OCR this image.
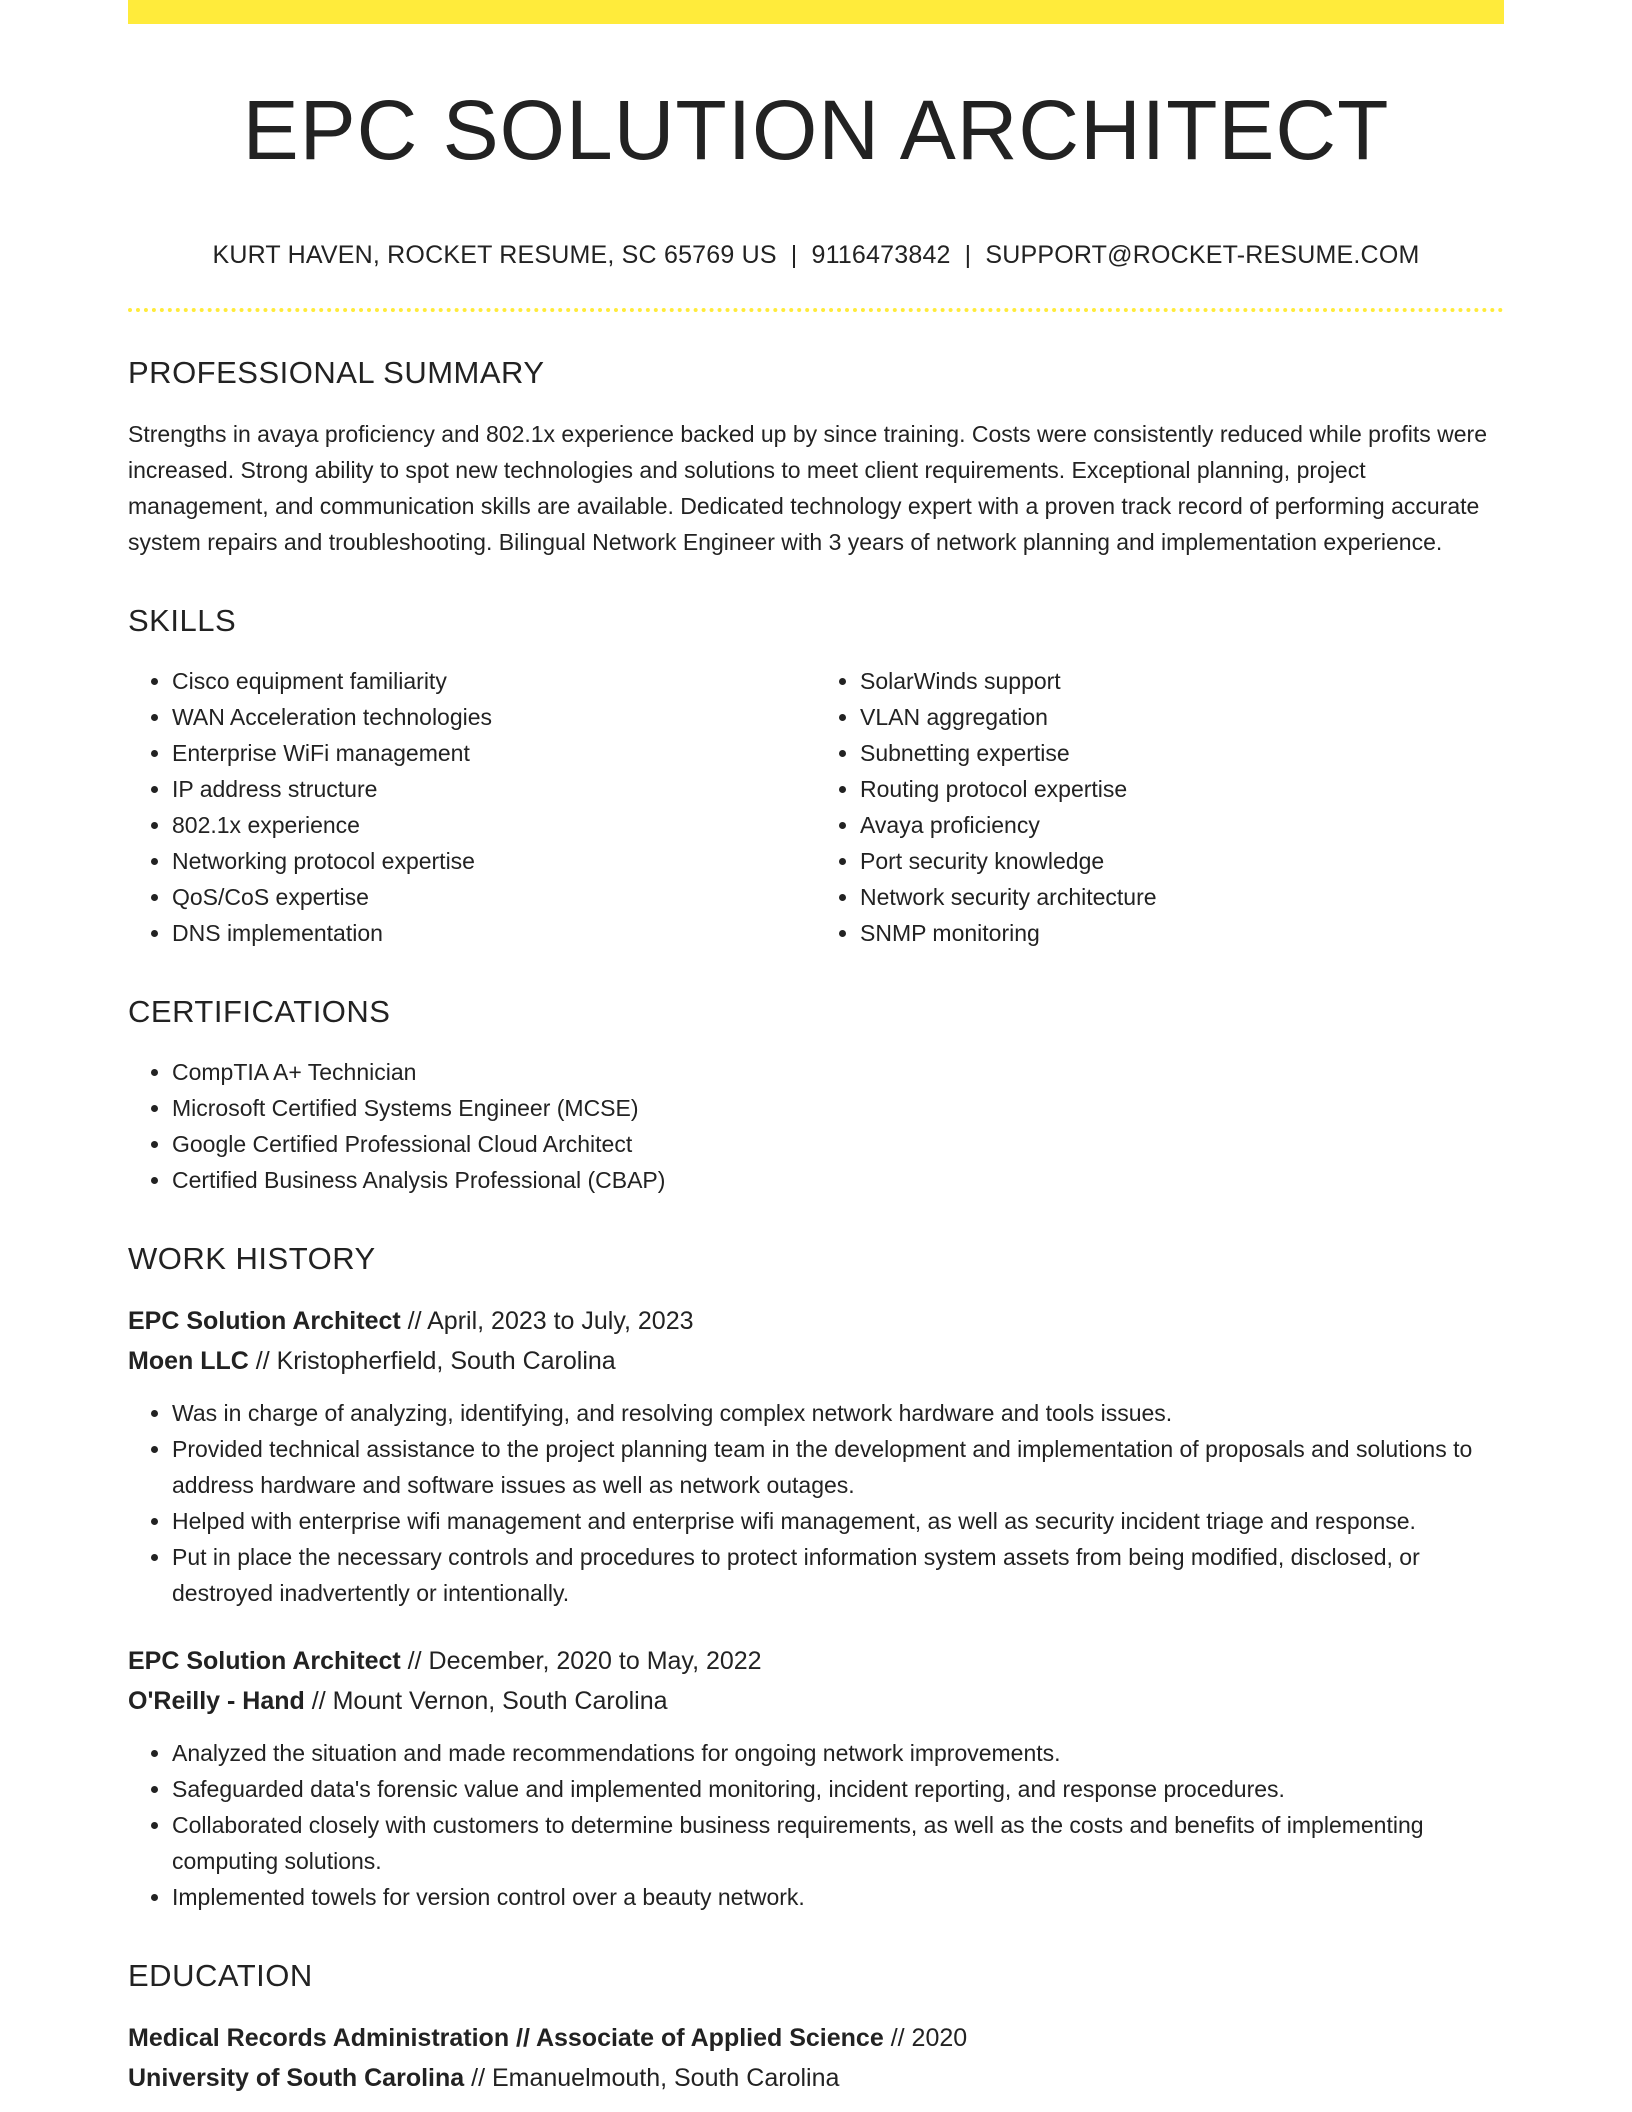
EPC SOLUTION ARCHITECT
KURT HAVEN, ROCKET RESUME, SC 65769 US | 9116473842 | SUPPORT@ROCKET-RESUME.COM
PROFESSIONAL SUMMARY
Strengths in avaya proficiency and 802.1x experience backed up by since training. Costs were consistently reduced while profits were increased. Strong ability to spot new technologies and solutions to meet client requirements. Exceptional planning, project management, and communication skills are available. Dedicated technology expert with a proven track record of performing accurate system repairs and troubleshooting. Bilingual Network Engineer with 3 years of network planning and implementation experience.
SKILLS
• Cisco equipment familiarity
• WAN Acceleration technologies
• Enterprise WiFi management
• IP address structure
• 802.1x experience
• Networking protocol expertise
• QoS/CoS expertise
• DNS implementation
• SolarWinds support
• VLAN aggregation
• Subnetting expertise
• Routing protocol expertise
• Avaya proficiency
• Port security knowledge
• Network security architecture
• SNMP monitoring
CERTIFICATIONS
• CompTIA A+ Technician
• Microsoft Certified Systems Engineer (MCSE)
• Google Certified Professional Cloud Architect
• Certified Business Analysis Professional (CBAP)
WORK HISTORY
EPC Solution Architect // April, 2023 to July, 2023
Moen LLC // Kristopherfield, South Carolina
• Was in charge of analyzing, identifying, and resolving complex network hardware and tools issues.
• Provided technical assistance to the project planning team in the development and implementation of proposals and solutions to address hardware and software issues as well as network outages.
• Helped with enterprise wifi management and enterprise wifi management, as well as security incident triage and response.
• Put in place the necessary controls and procedures to protect information system assets from being modified, disclosed, or destroyed inadvertently or intentionally.
EPC Solution Architect // December, 2020 to May, 2022
O'Reilly - Hand // Mount Vernon, South Carolina
• Analyzed the situation and made recommendations for ongoing network improvements.
• Safeguarded data's forensic value and implemented monitoring, incident reporting, and response procedures.
• Collaborated closely with customers to determine business requirements, as well as the costs and benefits of implementing computing solutions.
• Implemented towels for version control over a beauty network.
EDUCATION
Medical Records Administration // Associate of Applied Science // 2020
University of South Carolina // Emanuelmouth, South Carolina
